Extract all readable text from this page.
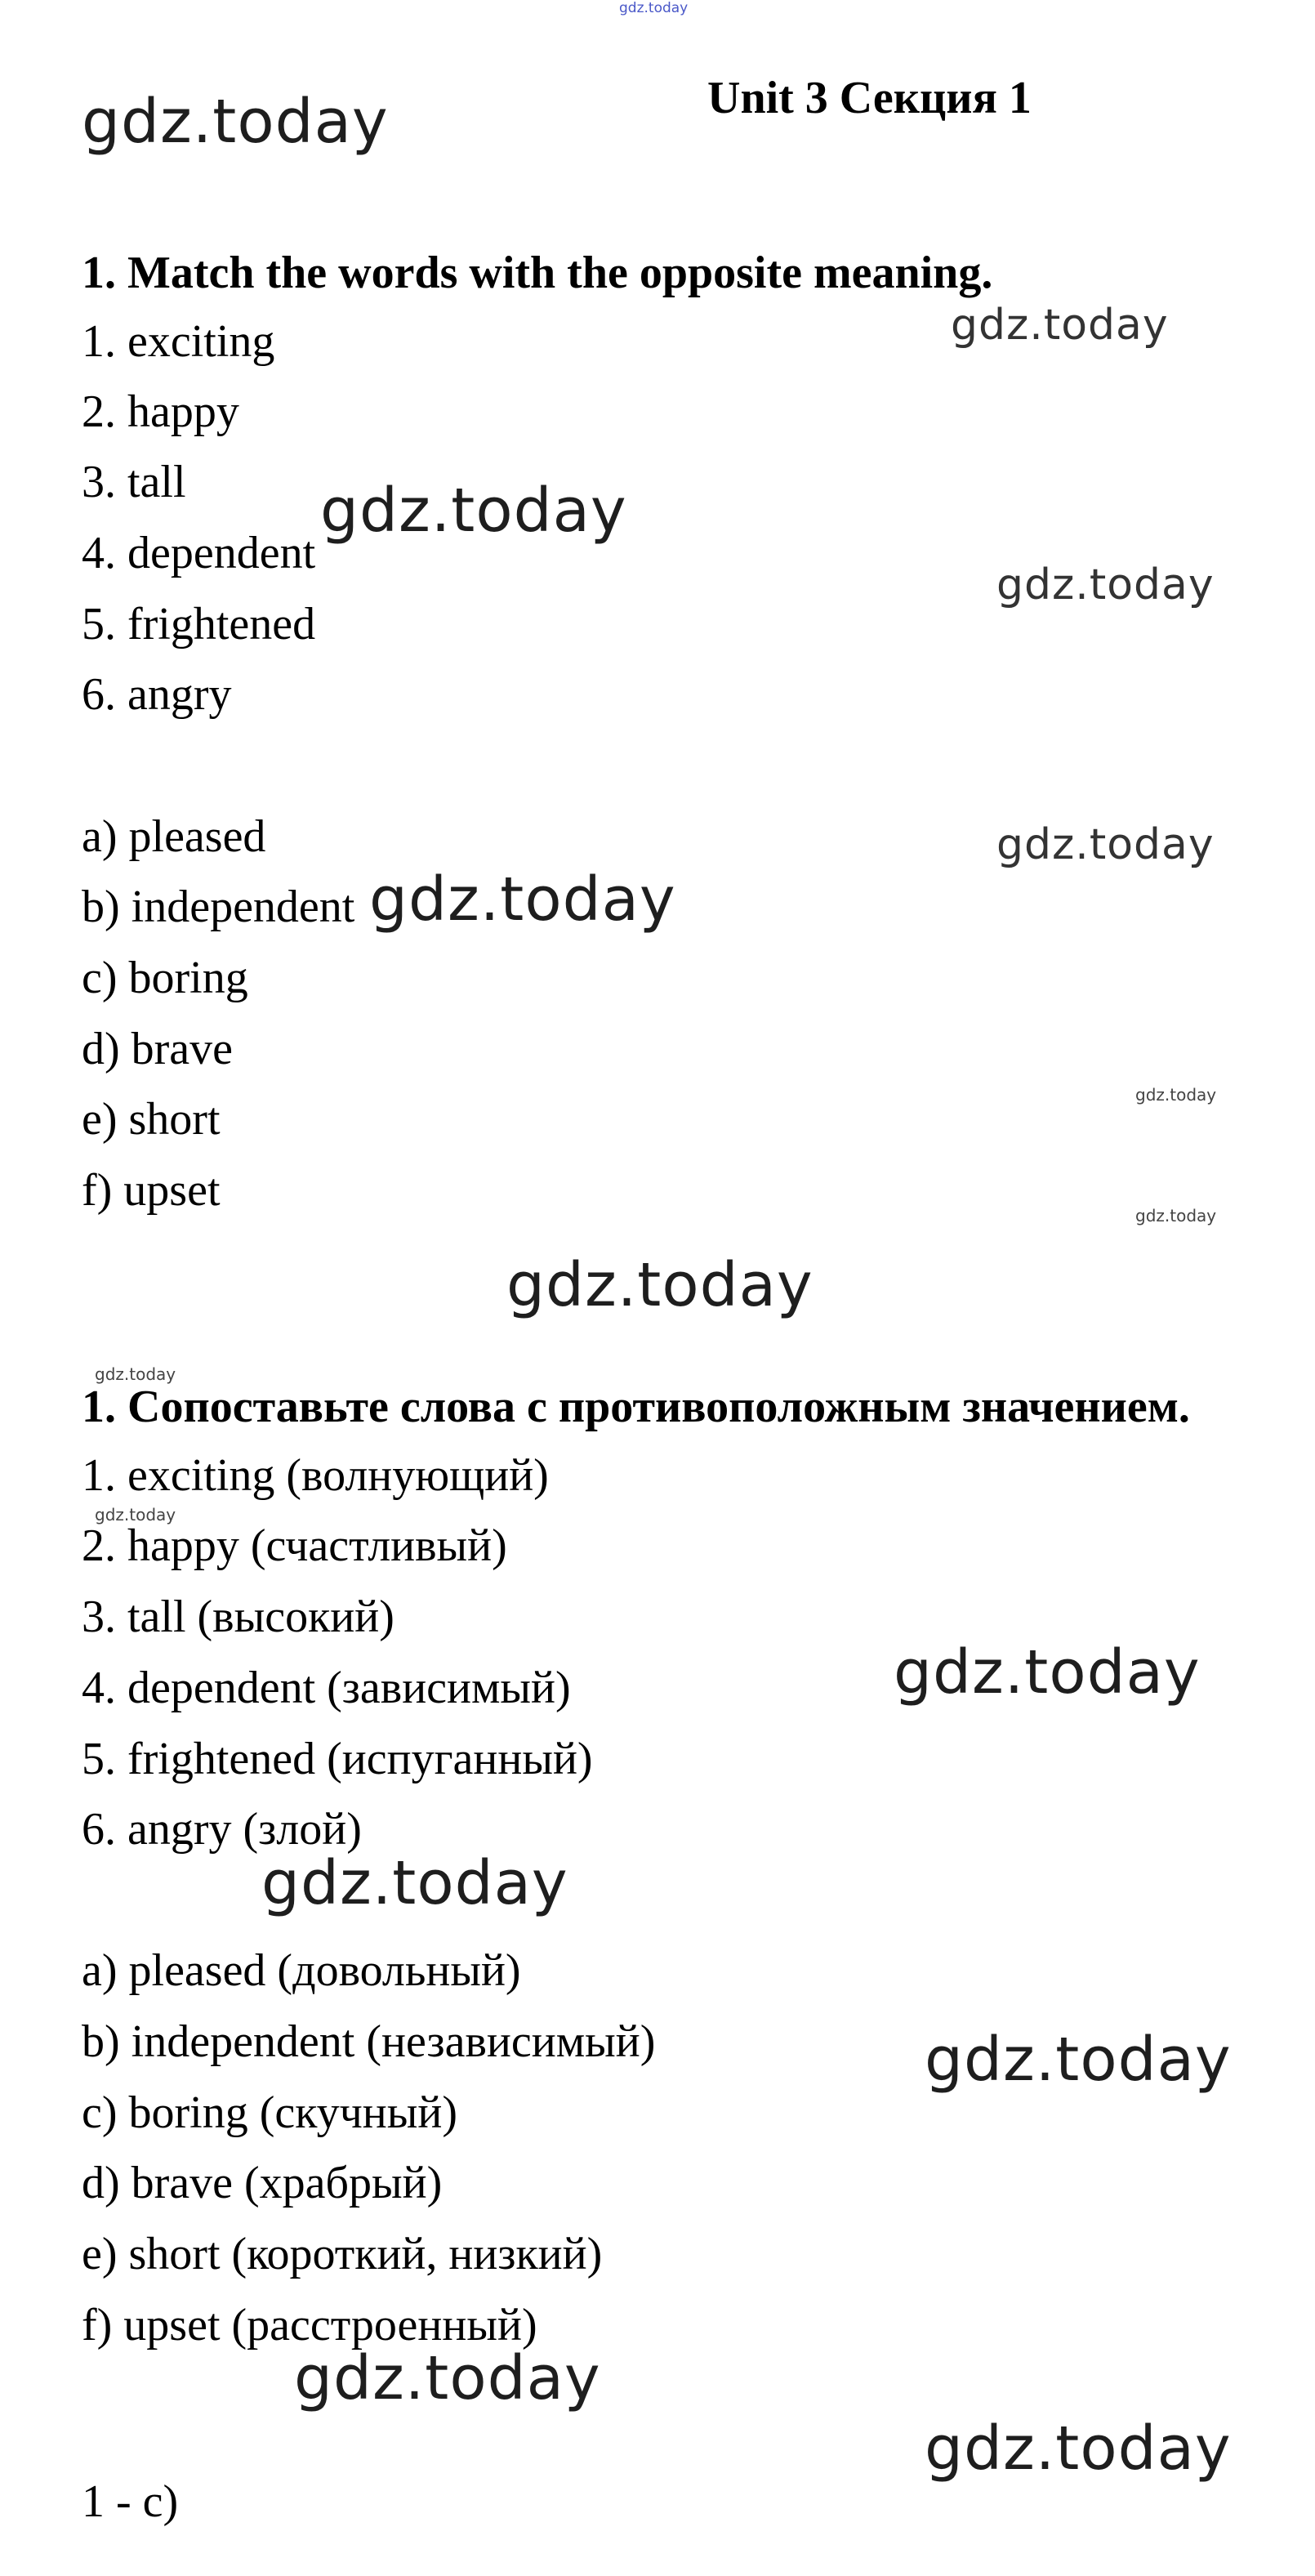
gdz.today
gdz.today	Unit 3 Секция 1
1. Match the words with the opposite meaning.
1. exciting
2. happy
3. tall
4. dependent
5. frightened
6. angry
a) pleased
b) independent
c) boring
d) brave
e) short
f) upset
gdz.today
gdz.today
gdz.today
gdz.today
gdz.today
gdz.today
gdz.today
gdz.today
gdz.today
1. Сопоставьте слова с противоположным значением.
1. exciting (волнующий)
gdz.today
2. happy (счастливый)
3. tall (высокий)
4. dependent (зависимый)
5. frightened (испуганный)
6. angry (злой)
a) pleased (довольный)
b) independent (независимый)
c) boring (скучный)
d) brave (храбрый)
e) short (короткий, низкий)
f) upset (расстроенный)
gdz.today
gdz.today
gdz.today
gdz.today
gdz.today
1 - c)
